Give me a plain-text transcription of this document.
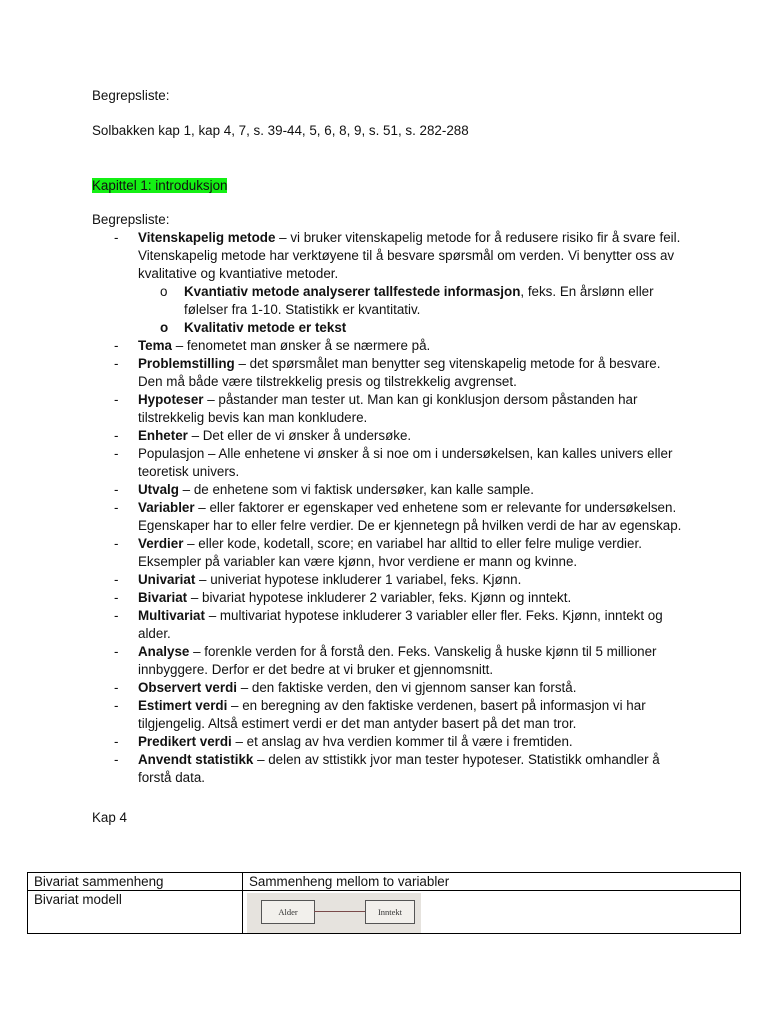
Begrepsliste:
Solbakken kap 1, kap 4, 7, s. 39-44, 5, 6, 8, 9, s. 51, s. 282-288
Kapittel 1: introduksjon
Begrepsliste:
- Vitenskapelig metode – vi bruker vitenskapelig metode for å redusere risiko fir å svare feil. Vitenskapelig metode har verktøyene til å besvare spørsmål om verden. Vi benytter oss av kvalitative og kvantiative metoder.
o Kvantiativ metode analyserer tallfestede informasjon, feks. En årslønn eller følelser fra 1-10. Statistikk er kvantitativ.
o Kvalitativ metode er tekst
- Tema – fenometet man ønsker å se nærmere på.
- Problemstilling – det spørsmålet man benytter seg vitenskapelig metode for å besvare. Den må både være tilstrekkelig presis og tilstrekkelig avgrenset.
- Hypoteser – påstander man tester ut. Man kan gi konklusjon dersom påstanden har tilstrekkelig bevis kan man konkludere.
- Enheter – Det eller de vi ønsker å undersøke.
- Populasjon – Alle enhetene vi ønsker å si noe om i undersøkelsen, kan kalles univers eller teoretisk univers.
- Utvalg – de enhetene som vi faktisk undersøker, kan kalle sample.
- Variabler – eller faktorer er egenskaper ved enhetene som er relevante for undersøkelsen. Egenskaper har to eller felre verdier. De er kjennetegn på hvilken verdi de har av egenskap.
- Verdier – eller kode, kodetall, score; en variabel har alltid to eller felre mulige verdier. Eksempler på variabler kan være kjønn, hvor verdiene er mann og kvinne.
- Univariat – univeriat hypotese inkluderer 1 variabel, feks. Kjønn.
- Bivariat – bivariat hypotese inkluderer 2 variabler, feks. Kjønn og inntekt.
- Multivariat – multivariat hypotese inkluderer 3 variabler eller fler. Feks. Kjønn, inntekt og alder.
- Analyse – forenkle verden for å forstå den. Feks. Vanskelig å huske kjønn til 5 millioner innbyggere. Derfor er det bedre at vi bruker et gjennomsnitt.
- Observert verdi – den faktiske verden, den vi gjennom sanser kan forstå.
- Estimert verdi – en beregning av den faktiske verdenen, basert på informasjon vi har tilgjengelig. Altså estimert verdi er det man antyder basert på det man tror.
- Predikert verdi – et anslag av hva verdien kommer til å være i fremtiden.
- Anvendt statistikk – delen av sttistikk jvor man tester hypoteser. Statistikk omhandler å forstå data.
Kap 4
Bivariat sammenheng	Sammenheng mellom to variabler
Bivariat modell	Alder Inntekt
